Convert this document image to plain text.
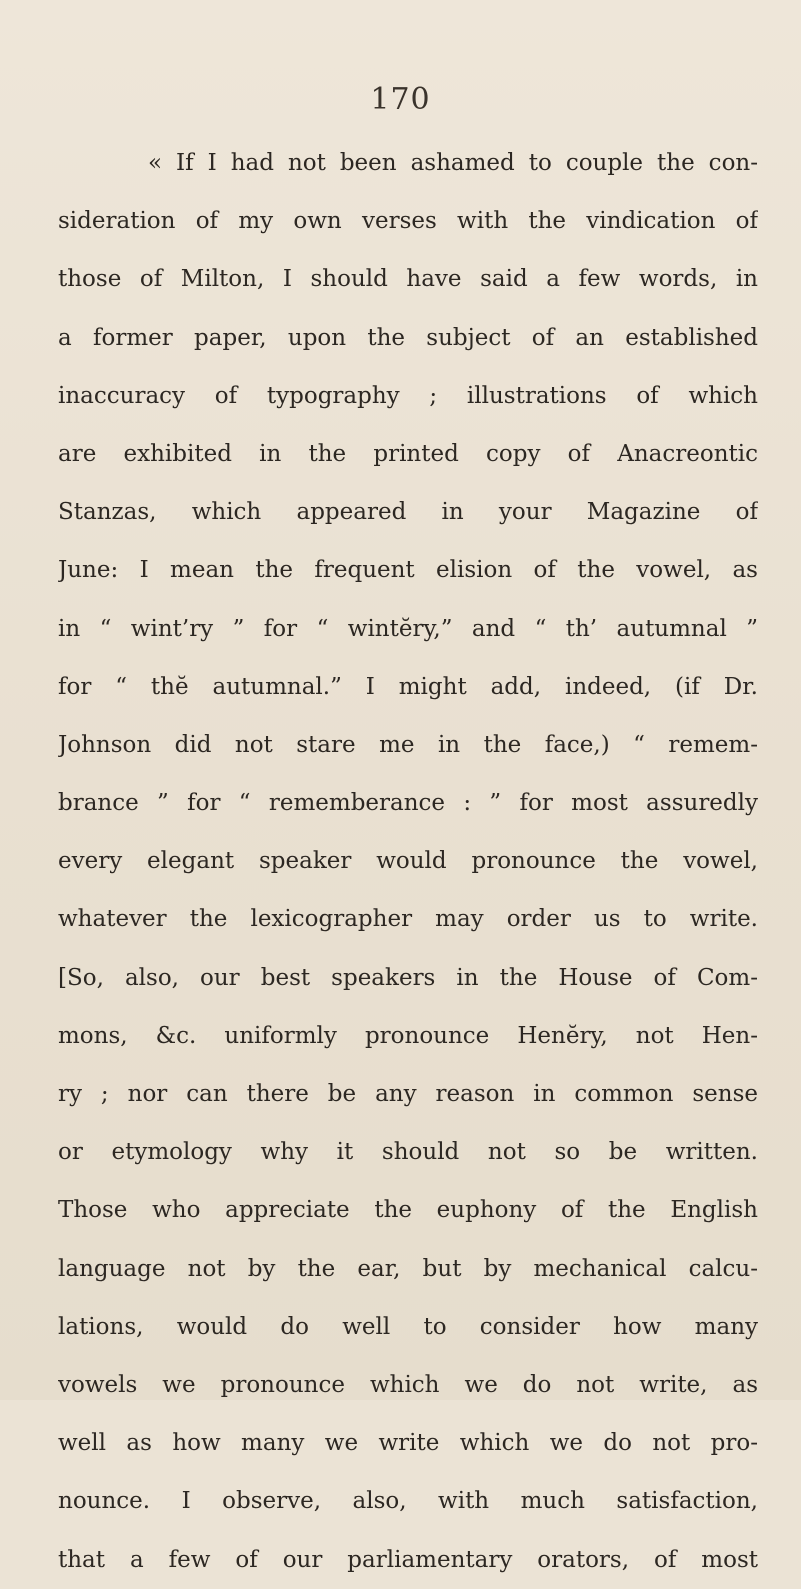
170
« If I had not been ashamed to couple the con-
sideration of my own verses with the vindication of
those of Milton, I should have said a few words, in
a former paper, upon the subject of an established
inaccuracy of typography ; illustrations of which
are exhibited in the printed copy of Anacreontic
Stanzas, which appeared in your Magazine of
June: I mean the frequent elision of the vowel, as
in “ wint’ry ” for “ wintĕry,” and “ th’ autumnal ”
for “ thĕ autumnal.” I might add, indeed, (if Dr.
Johnson did not stare me in the face,) “ remem-
brance ” for “ rememberance : ” for most assuredly
every elegant speaker would pronounce the vowel,
whatever the lexicographer may order us to write.
[So, also, our best speakers in the House of Com-
mons, &c. uniformly pronounce Henĕry, not Hen-
ry ; nor can there be any reason in common sense
or etymology why it should not so be written.
Those who appreciate the euphony of the English
language not by the ear, but by mechanical calcu-
lations, would do well to consider how many
vowels we pronounce which we do not write, as
well as how many we write which we do not pro-
nounce. I observe, also, with much satisfaction,
that a few of our parliamentary orators, of most
